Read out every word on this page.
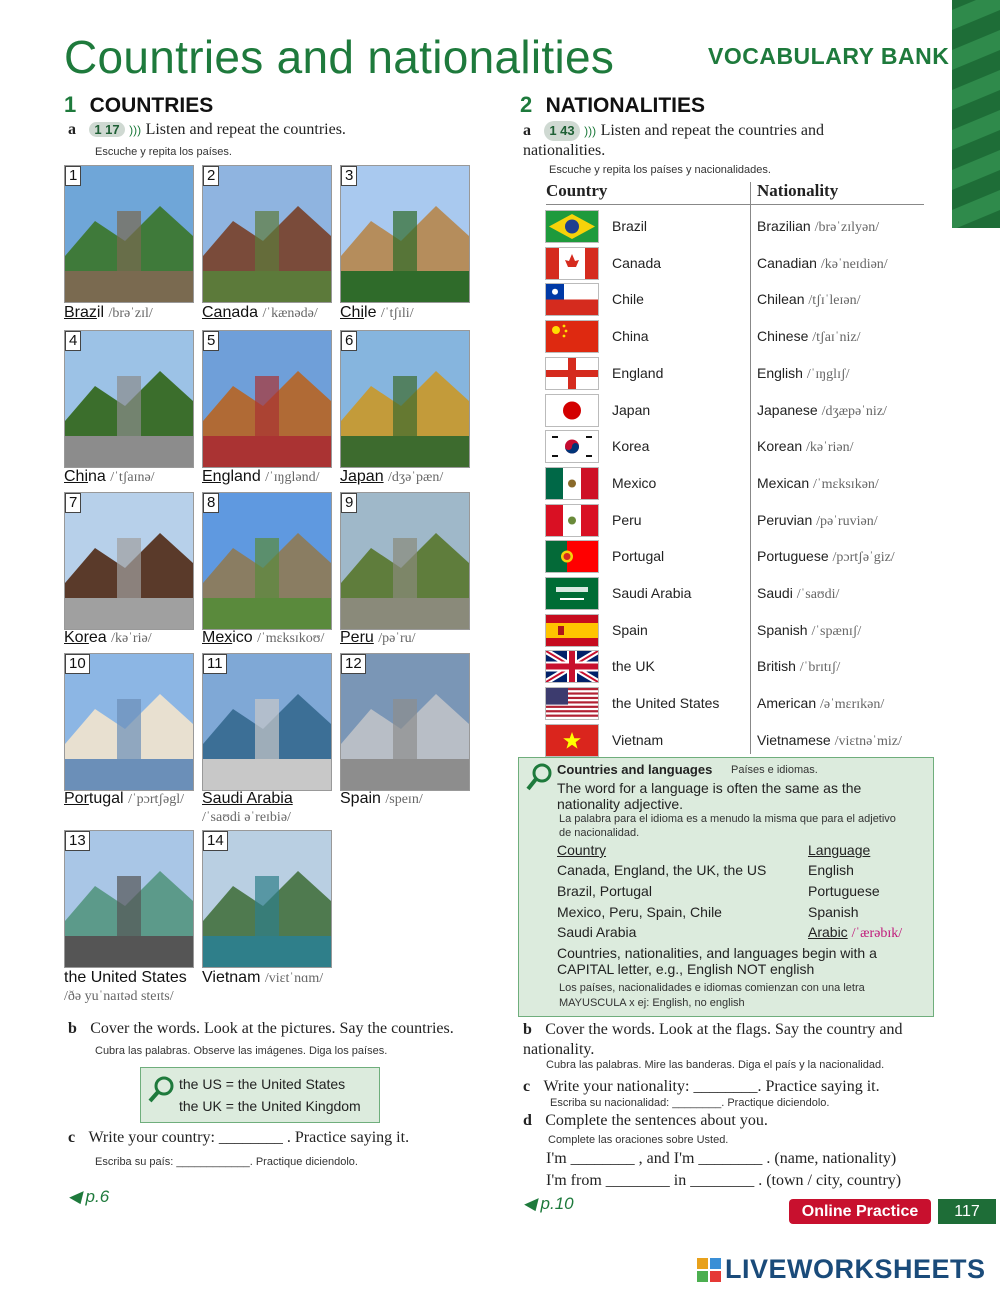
Countries and nationalities	VOCABULARY BANK
1 COUNTRIES
a 1 17 ))) Listen and repeat the countries.
Escuche y repita los países.
1
Brazil /brəˈzɪl/
2
Canada /ˈkænədə/
3
Chile /ˈtʃɪli/
4
China /ˈtʃaɪnə/
5
England /ˈɪŋglənd/
6
Japan /dʒəˈpæn/
7
Korea /kəˈriə/
8
Mexico /ˈmɛksɪkoʊ/
9
Peru /pəˈru/
10
Portugal /ˈpɔrtʃəgl/
11
Saudi Arabia
/ˈsaʊdi əˈreɪbiə/
12
Spain /speɪn/
13
the United States
/ðə yuˈnaɪtəd steɪts/
14
Vietnam /viɛtˈnɑm/
b Cover the words. Look at the pictures. Say the countries.
Cubra las palabras. Observe las imágenes. Diga los países.
the US = the United States
the UK = the United Kingdom
c Write your country: ________ . Practice saying it.
Escriba su país: ____________. Practique diciendolo.
◀ p.6
2 NATIONALITIES
a 1 43 ))) Listen and repeat the countries and nationalities.
Escuche y repita los países y nacionalidades.
Country	Nationality
Brazil	Brazilian /brəˈzɪlyən/
Canada	Canadian /kəˈneɪdiən/
Chile	Chilean /tʃɪˈleɪən/
China	Chinese /tʃaɪˈniz/
England	English /ˈɪŋglɪʃ/
Japan	Japanese /dʒæpəˈniz/
Korea	Korean /kəˈriən/
Mexico	Mexican /ˈmɛksɪkən/
Peru	Peruvian /pəˈruviən/
Portugal	Portuguese /pɔrtʃəˈgiz/
Saudi Arabia	Saudi /ˈsaʊdi/
Spain	Spanish /ˈspænɪʃ/
the UK	British /ˈbrɪtɪʃ/
the United States	American /əˈmɛrɪkən/
Vietnam	Vietnamese /viɛtnəˈmiz/
Countries and languages Países e idiomas.
The word for a language is often the same as the nationality adjective.
La palabra para el idioma es a menudo la misma que para el adjetivo de nacionalidad.
Country	Language
Canada, England, the UK, the US	English
Brazil, Portugal	Portuguese
Mexico, Peru, Spain, Chile	Spanish
Saudi Arabia	Arabic /ˈærəbɪk/
Countries, nationalities, and languages begin with a CAPITAL letter, e.g., English NOT english
Los países, nacionalidades e idiomas comienzan con una letra MAYUSCULA x ej: English, no english
b Cover the words. Look at the flags. Say the country and nationality.
Cubra las palabras. Mire las banderas. Diga el país y la nacionalidad.
c Write your nationality: ________. Practice saying it.
Escriba su nacionalidad: ________. Practique diciendolo.
d Complete the sentences about you.
Complete las oraciones sobre Usted.
I'm ________ , and I'm ________ . (name, nationality)
I'm from ________ in ________ . (town / city, country)
◀ p.10	Online Practice	117
LIVEWORKSHEETS
